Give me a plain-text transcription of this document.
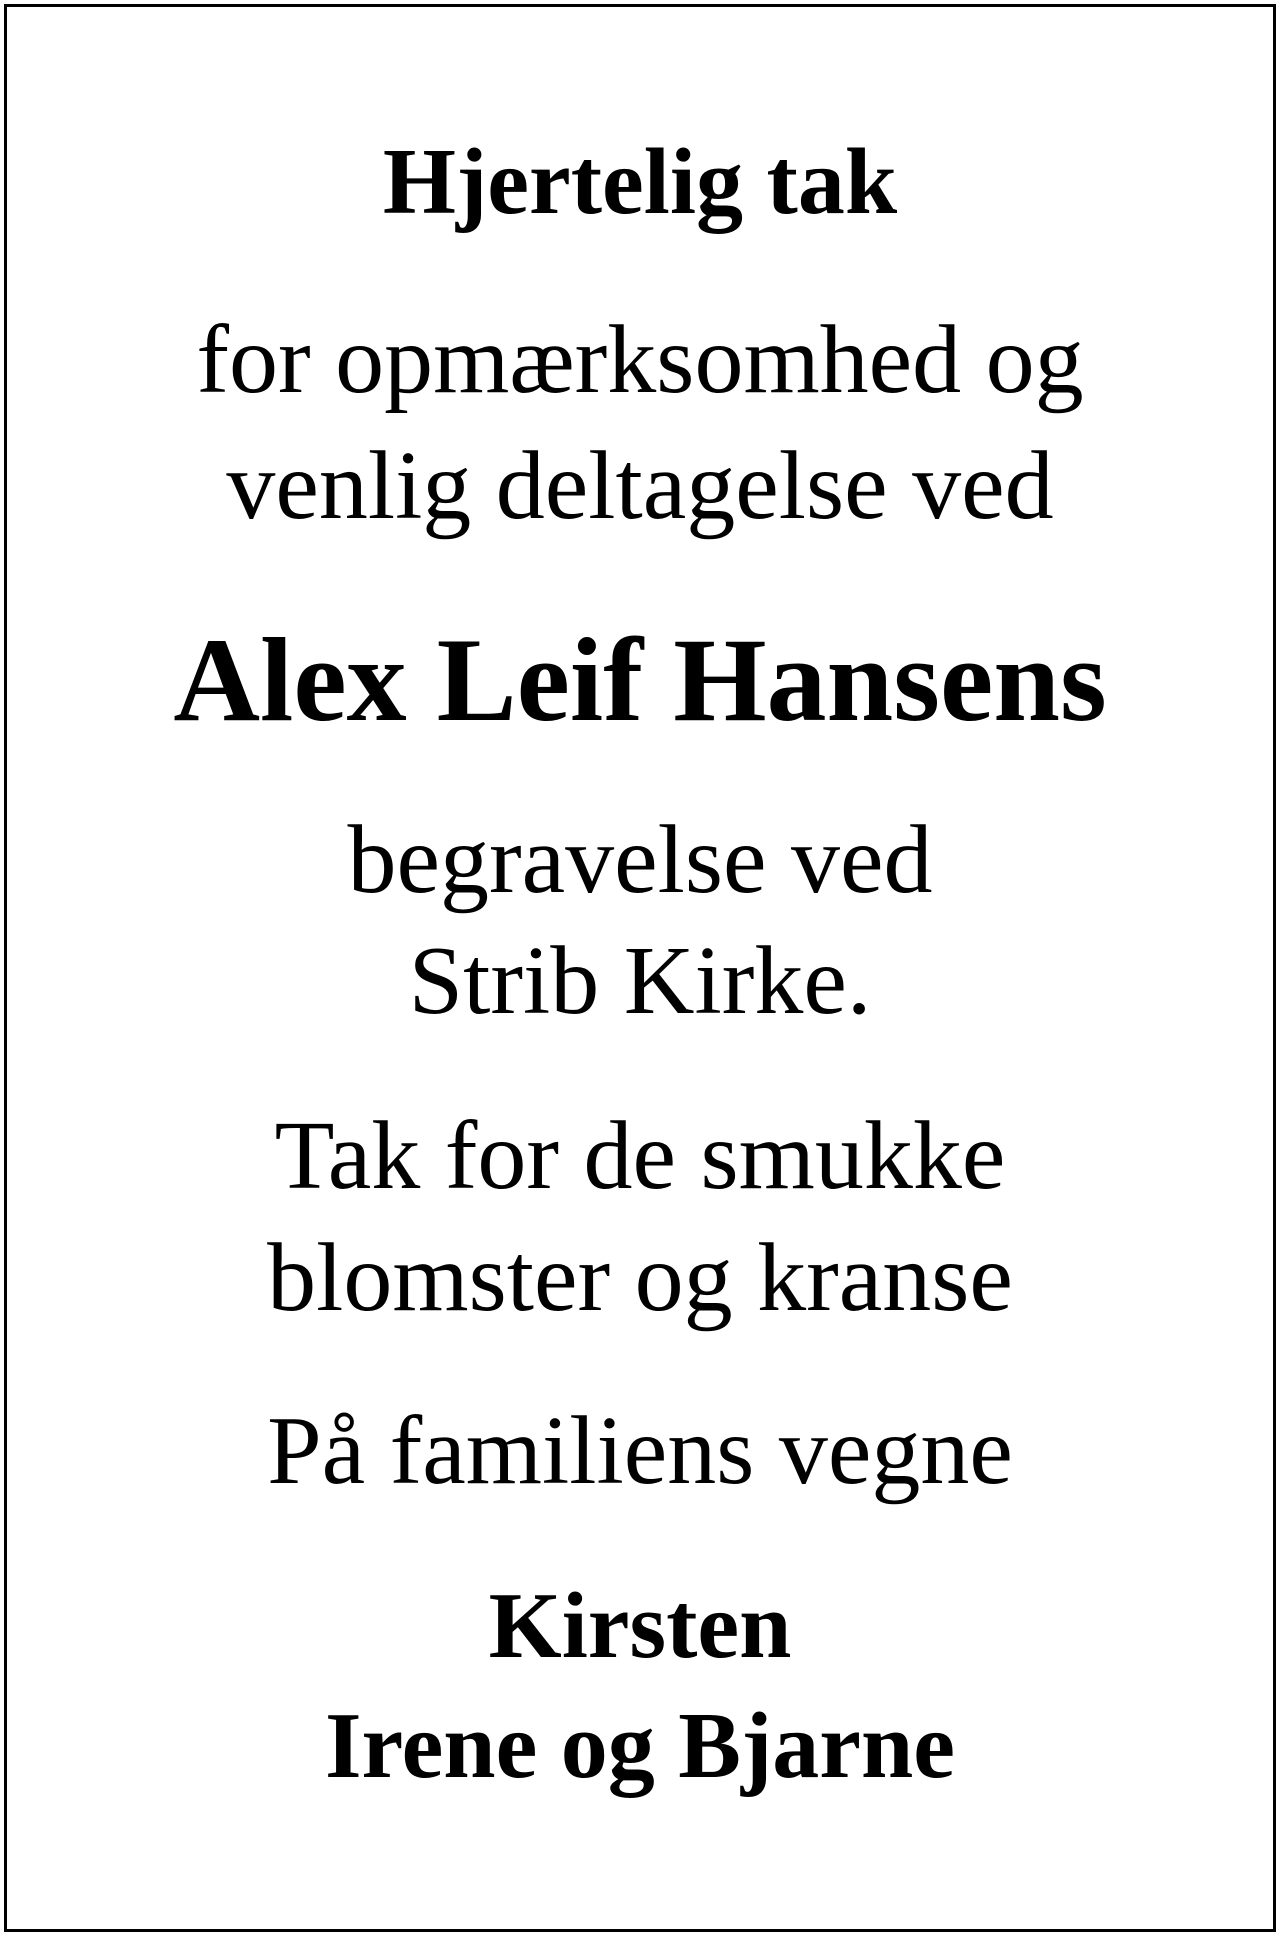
Hjertelig tak

for opmærksomhed og

venlig deltagelse ved

Alex Leif Hansens

begravelse ved

Strib Kirke.

Tak for de smukke

blomster og kranse

På familiens vegne

Kirsten

Irene og Bjarne
